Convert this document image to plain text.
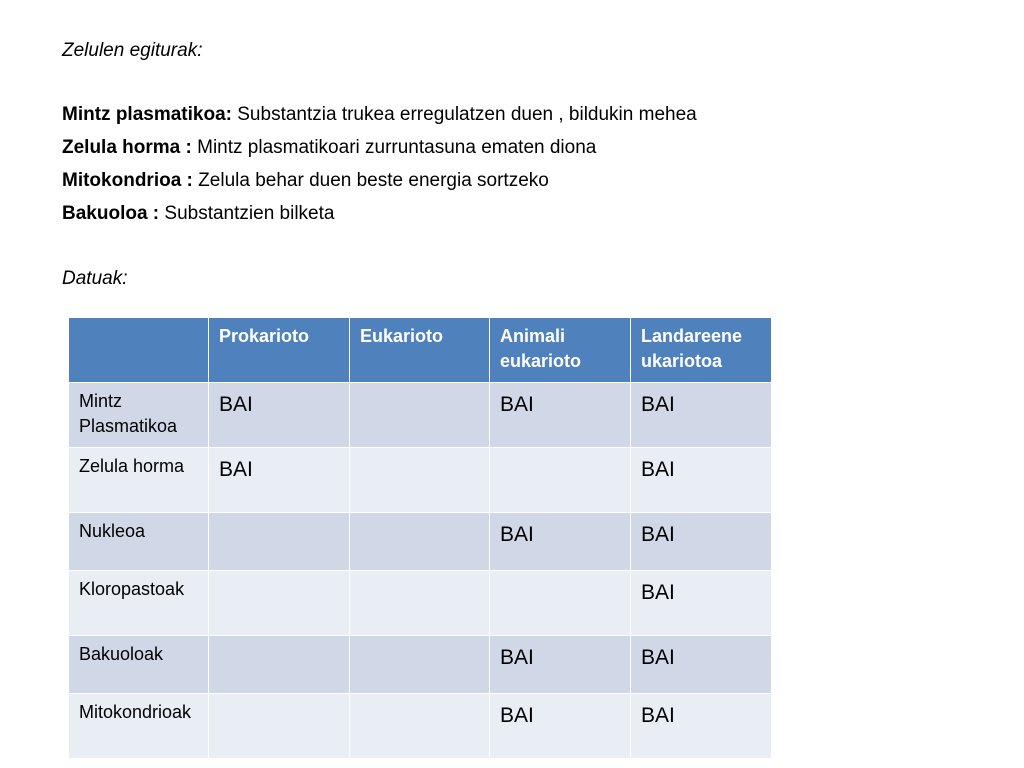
Zelulen egiturak:
Mintz plasmatikoa: Substantzia trukea erregulatzen duen , bildukin mehea
Zelula horma : Mintz plasmatikoari zurruntasuna ematen diona
Mitokondrioa : Zelula behar duen beste energia sortzeko
Bakuoloa : Substantzien bilketa
Datuak:
	Prokarioto	Eukarioto	Animali eukarioto	Landareene ukariotoa
Mintz Plasmatikoa	BAI		BAI	BAI
Zelula horma	BAI			BAI
Nukleoa			BAI	BAI
Kloropastoak				BAI
Bakuoloak			BAI	BAI
Mitokondrioak			BAI	BAI
